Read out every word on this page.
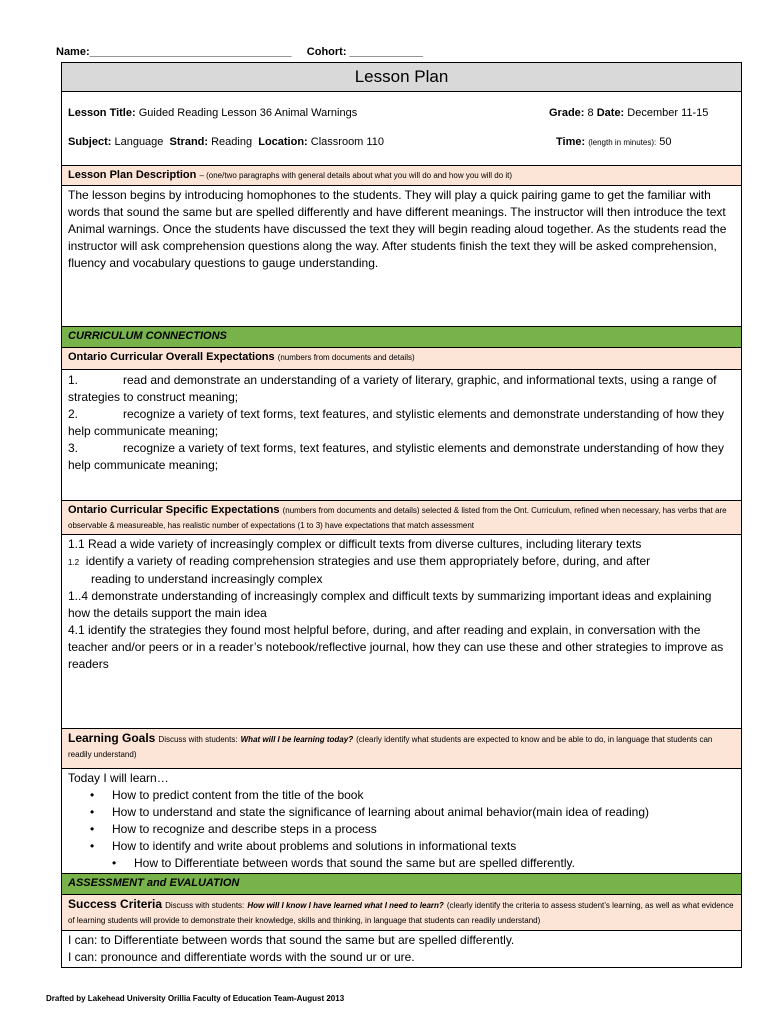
Name:_________________________________ Cohort: ____________
Lesson Plan
Lesson Title: Guided Reading Lesson 36 Animal Warnings	Grade: 8 Date: December 11-15
Subject: Language Strand: Reading Location: Classroom 110	Time: (length in minutes): 50
Lesson Plan Description – (one/two paragraphs with general details about what you will do and how you will do it)
The lesson begins by introducing homophones to the students. They will play a quick pairing game to get the familiar with words that sound the same but are spelled differently and have different meanings. The instructor will then introduce the text Animal warnings. Once the students have discussed the text they will begin reading aloud together. As the students read the instructor will ask comprehension questions along the way. After students finish the text they will be asked comprehension, fluency and vocabulary questions to gauge understanding.
CURRICULUM CONNECTIONS
Ontario Curricular Overall Expectations (numbers from documents and details)
1.	read and demonstrate an understanding of a variety of literary, graphic, and informational texts, using a range of strategies to construct meaning;
2.	recognize a variety of text forms, text features, and stylistic elements and demonstrate understanding of how they help communicate meaning;
3.	recognize a variety of text forms, text features, and stylistic elements and demonstrate understanding of how they help communicate meaning;
Ontario Curricular Specific Expectations (numbers from documents and details) selected & listed from the Ont. Curriculum, refined when necessary, has verbs that are observable & measureable, has realistic number of expectations (1 to 3) have expectations that match assessment
1.1 Read a wide variety of increasingly complex or difficult texts from diverse cultures, including literary texts
1.2 identify a variety of reading comprehension strategies and use them appropriately before, during, and after
reading to understand increasingly complex
1..4 demonstrate understanding of increasingly complex and difficult texts by summarizing important ideas and explaining how the details support the main idea
4.1 identify the strategies they found most helpful before, during, and after reading and explain, in conversation with the teacher and/or peers or in a reader’s notebook/reflective journal, how they can use these and other strategies to improve as readers
Learning Goals Discuss with students: What will I be learning today? (clearly identify what students are expected to know and be able to do, in language that students can readily understand)
Today I will learn…
• How to predict content from the title of the book
• How to understand and state the significance of learning about animal behavior(main idea of reading)
• How to recognize and describe steps in a process
• How to identify and write about problems and solutions in informational texts
• How to Differentiate between words that sound the same but are spelled differently.
ASSESSMENT and EVALUATION
Success Criteria Discuss with students: How will I know I have learned what I need to learn? (clearly identify the criteria to assess student’s learning, as well as what evidence of learning students will provide to demonstrate their knowledge, skills and thinking, in language that students can readily understand)
I can: to Differentiate between words that sound the same but are spelled differently.
I can: pronounce and differentiate words with the sound ur or ure.
Drafted by Lakehead University Orillia Faculty of Education Team-August 2013
